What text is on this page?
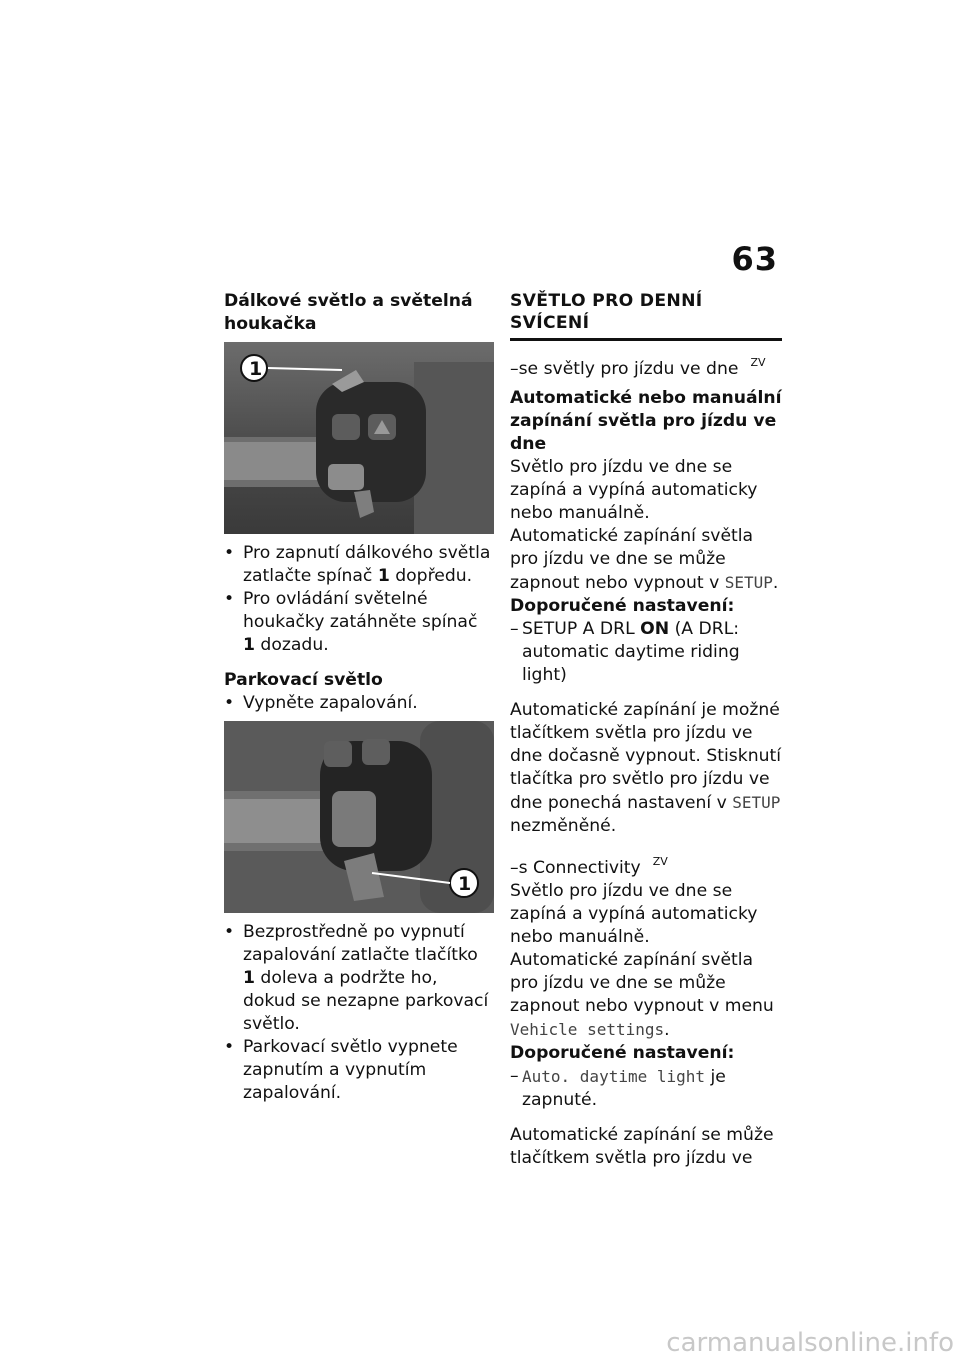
63

Dálkové světlo a světelná houkačka

1
• Pro zapnutí dálkového světla zatlačte spínač 1 dopředu.
• Pro ovládání světelné houkačky zatáhněte spínač 1 dozadu.

Parkovací světlo

• Vypněte zapalování.
1
• Bezprostředně po vypnutí zapalování zatlačte tlačítko 1 doleva a podržte ho, dokud se nezapne parkovací světlo.
• Parkovací světlo vypnete zapnutím a vypnutím zapalování.

SVĚTLO PRO DENNÍ SVÍCENÍ

–se světly pro jízdu ve dne $^{ZV}$

Automatické nebo manuální zapínání světla pro jízdu ve dne

Světlo pro jízdu ve dne se zapíná a vypíná automaticky nebo manuálně.

Automatické zapínání světla pro jízdu ve dne se může zapnout nebo vypnout v SETUP.

Doporučené nastavení:

– SETUP A DRL ON (A DRL: automatic daytime riding light)

Automatické zapínání je možné tlačítkem světla pro jízdu ve dne dočasně vypnout. Stisknutí tlačítka pro světlo pro jízdu ve dne ponechá nastavení v SETUP nezměněné.

–s Connectivity $^{ZV}$

Světlo pro jízdu ve dne se zapíná a vypíná automaticky nebo manuálně.

Automatické zapínání světla pro jízdu ve dne se může zapnout nebo vypnout v menu Vehicle settings.

Doporučené nastavení:

– Auto. daytime light je zapnuté.

Automatické zapínání se může tlačítkem světla pro jízdu ve

carmanualsonline.info
